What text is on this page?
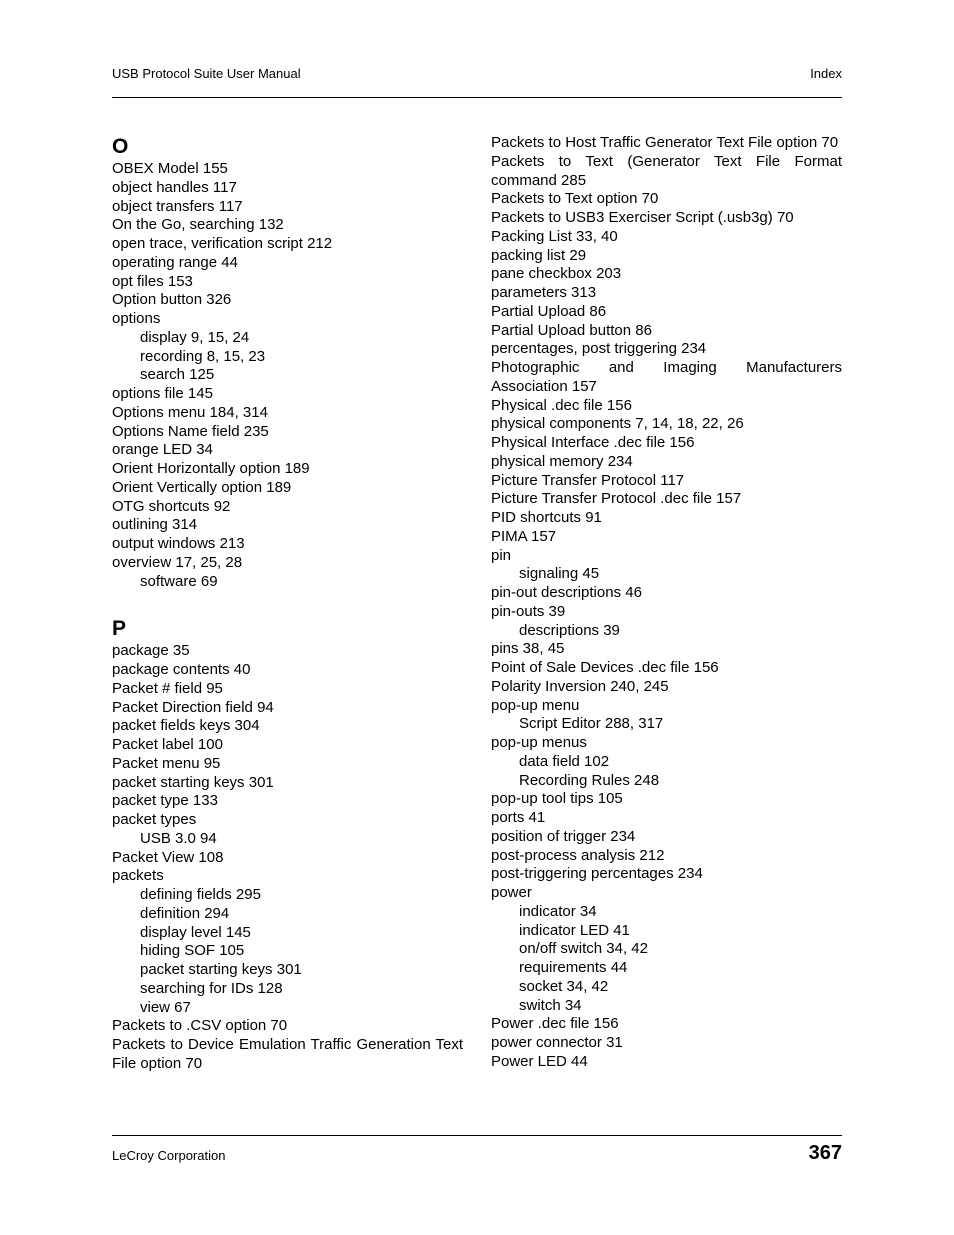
USB Protocol Suite User Manual	Index
O
OBEX Model 155
object handles 117
object transfers 117
On the Go, searching 132
open trace, verification script 212
operating range 44
opt files 153
Option button 326
options
display 9, 15, 24
recording 8, 15, 23
search 125
options file 145
Options menu 184, 314
Options Name field 235
orange LED 34
Orient Horizontally option 189
Orient Vertically option 189
OTG shortcuts 92
outlining 314
output windows 213
overview 17, 25, 28
software 69
P
package 35
package contents 40
Packet # field 95
Packet Direction field 94
packet fields keys 304
Packet label 100
Packet menu 95
packet starting keys 301
packet type 133
packet types
USB 3.0 94
Packet View 108
packets
defining fields 295
definition 294
display level 145
hiding SOF 105
packet starting keys 301
searching for IDs 128
view 67
Packets to .CSV option 70
Packets to Device Emulation Traffic Generation Text File option 70
Packets to Host Traffic Generator Text File option 70
Packets to Text (Generator Text File Format command 285
Packets to Text option 70
Packets to USB3 Exerciser Script (.usb3g) 70
Packing List 33, 40
packing list 29
pane checkbox 203
parameters 313
Partial Upload 86
Partial Upload button 86
percentages, post triggering 234
Photographic and Imaging Manufacturers Association 157
Physical .dec file 156
physical components 7, 14, 18, 22, 26
Physical Interface .dec file 156
physical memory 234
Picture Transfer Protocol 117
Picture Transfer Protocol .dec file 157
PID shortcuts 91
PIMA 157
pin
signaling 45
pin-out descriptions 46
pin-outs 39
descriptions 39
pins 38, 45
Point of Sale Devices .dec file 156
Polarity Inversion 240, 245
pop-up menu
Script Editor 288, 317
pop-up menus
data field 102
Recording Rules 248
pop-up tool tips 105
ports 41
position of trigger 234
post-process analysis 212
post-triggering percentages 234
power
indicator 34
indicator LED 41
on/off switch 34, 42
requirements 44
socket 34, 42
switch 34
Power .dec file 156
power connector 31
Power LED 44
LeCroy Corporation	367
